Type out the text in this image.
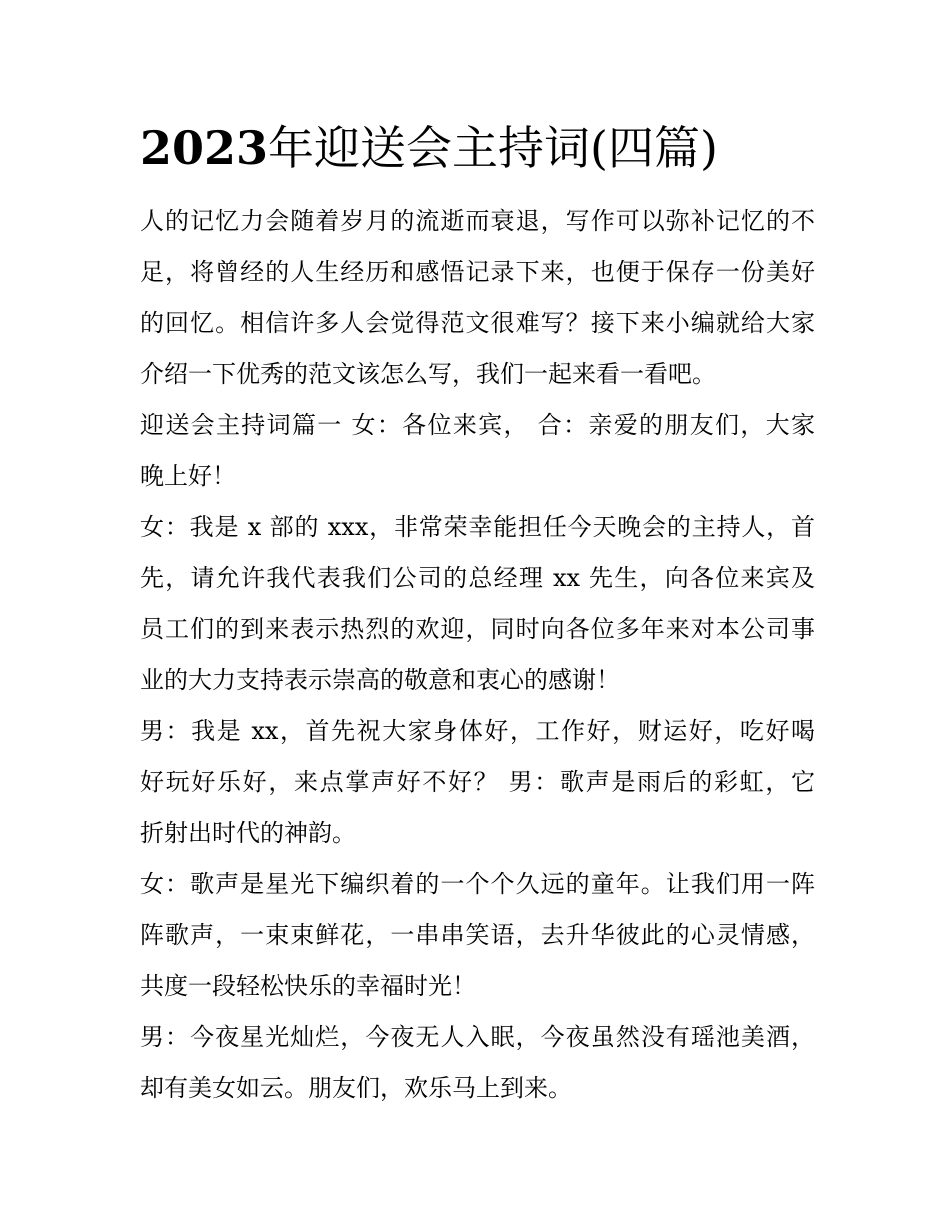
2023年迎送会主持词(四篇)
人的记忆力会随着岁月的流逝而衰退，写作可以弥补记忆的不
足，将曾经的人生经历和感悟记录下来，也便于保存一份美好
的回忆。相信许多人会觉得范文很难写？接下来小编就给大家
介绍一下优秀的范文该怎么写，我们一起来看一看吧。
迎送会主持词篇一 女：各位来宾， 合：亲爱的朋友们，大家
晚上好！
女：我是 x 部的 xxx，非常荣幸能担任今天晚会的主持人，首
先，请允许我代表我们公司的总经理 xx 先生，向各位来宾及
员工们的到来表示热烈的欢迎，同时向各位多年来对本公司事
业的大力支持表示崇高的敬意和衷心的感谢！
男：我是 xx，首先祝大家身体好，工作好，财运好，吃好喝
好玩好乐好，来点掌声好不好？ 男：歌声是雨后的彩虹，它
折射出时代的神韵。
女：歌声是星光下编织着的一个个久远的童年。让我们用一阵
阵歌声，一束束鲜花，一串串笑语，去升华彼此的心灵情感，
共度一段轻松快乐的幸福时光！
男：今夜星光灿烂，今夜无人入眠，今夜虽然没有瑶池美酒，
却有美女如云。朋友们，欢乐马上到来。
